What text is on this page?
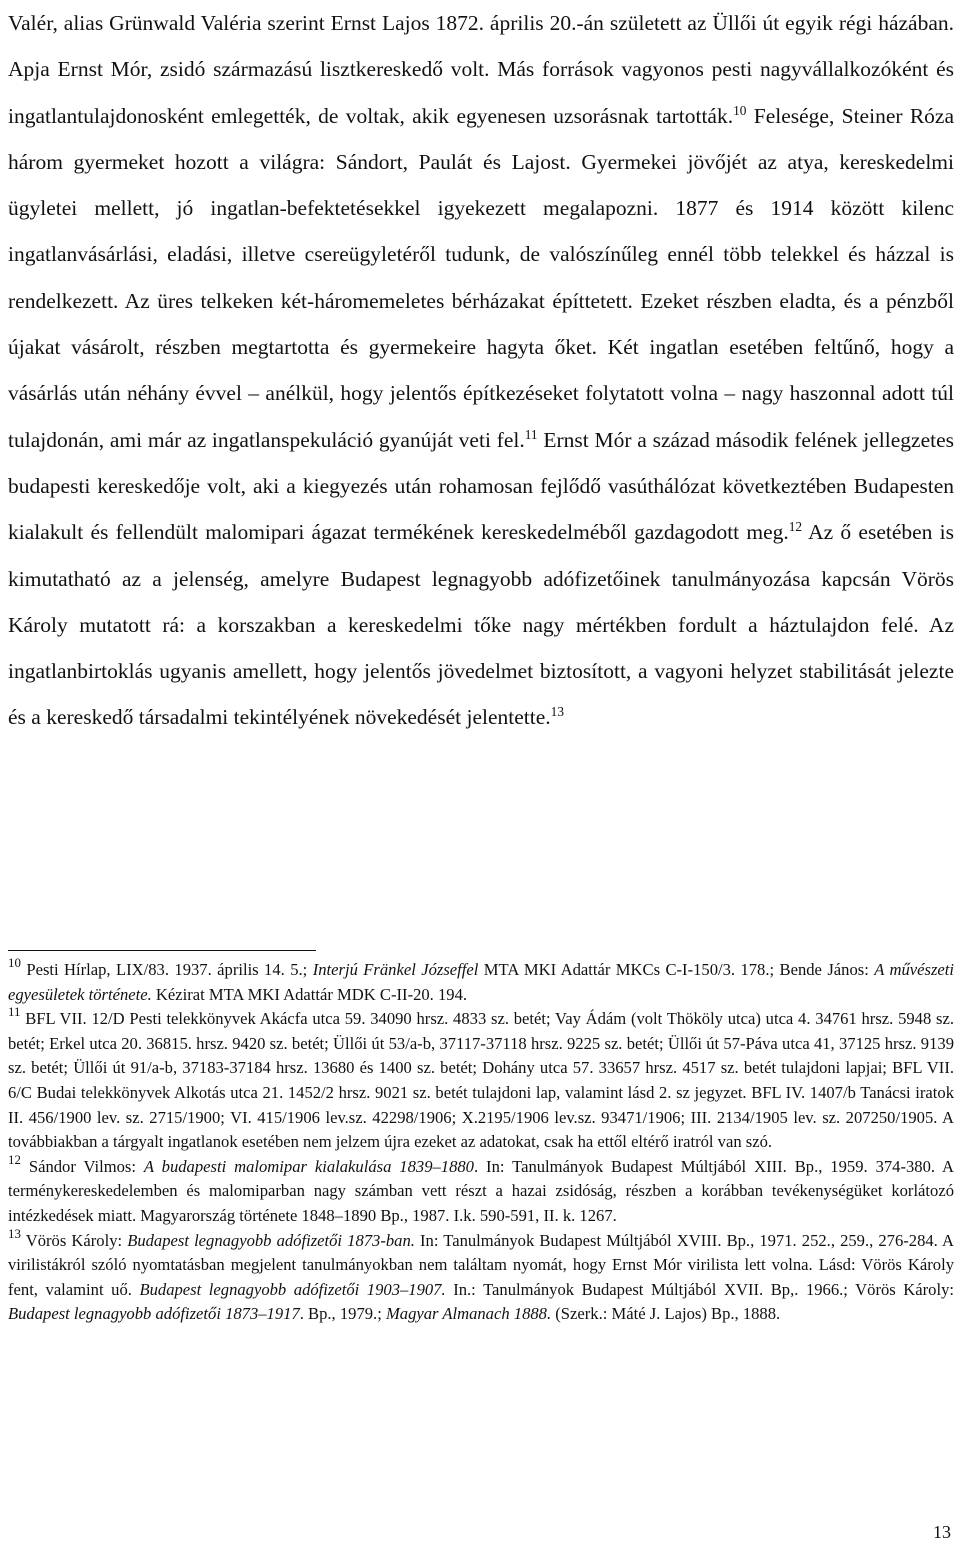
Valér, alias Grünwald Valéria szerint Ernst Lajos 1872. április 20.-án született az Üllői út egyik régi házában. Apja Ernst Mór, zsidó származású lisztkereskedő volt. Más források vagyonos pesti nagyvállalkozóként és ingatlantulajdonosként emlegették, de voltak, akik egyenesen uzsorásnak tartották.$^{10}$ Felesége, Steiner Róza három gyermeket hozott a világra: Sándort, Paulát és Lajost. Gyermekei jövőjét az atya, kereskedelmi ügyletei mellett, jó ingatlan-befektetésekkel igyekezett megalapozni. 1877 és 1914 között kilenc ingatlanvásárlási, eladási, illetve csereügyletéről tudunk, de valószínűleg ennél több telekkel és házzal is rendelkezett. Az üres telkeken két-háromemeletes bérházakat építtetett. Ezeket részben eladta, és a pénzből újakat vásárolt, részben megtartotta és gyermekeire hagyta őket. Két ingatlan esetében feltűnő, hogy a vásárlás után néhány évvel – anélkül, hogy jelentős építkezéseket folytatott volna – nagy haszonnal adott túl tulajdonán, ami már az ingatlanspekuláció gyanúját veti fel.$^{11}$ Ernst Mór a század második felének jellegzetes budapesti kereskedője volt, aki a kiegyezés után rohamosan fejlődő vasúthálózat következtében Budapesten kialakult és fellendült malomipari ágazat termékének kereskedelméből gazdagodott meg.$^{12}$ Az ő esetében is kimutatható az a jelenség, amelyre Budapest legnagyobb adófizetőinek tanulmányozása kapcsán Vörös Károly mutatott rá: a korszakban a kereskedelmi tőke nagy mértékben fordult a háztulajdon felé. Az ingatlanbirtoklás ugyanis amellett, hogy jelentős jövedelmet biztosított, a vagyoni helyzet stabilitását jelezte és a kereskedő társadalmi tekintélyének növekedését jelentette.$^{13}$

$^{10}$ Pesti Hírlap, LIX/83. 1937. április 14. 5.; Interjú Fränkel Józseffel MTA MKI Adattár MKCs C-I-150/3. 178.; Bende János: A művészeti egyesületek története. Kézirat MTA MKI Adattár MDK C-II-20. 194.

$^{11}$ BFL VII. 12/D Pesti telekkönyvek Akácfa utca 59. 34090 hrsz. 4833 sz. betét; Vay Ádám (volt Thököly utca) utca 4. 34761 hrsz. 5948 sz. betét; Erkel utca 20. 36815. hrsz. 9420 sz. betét; Üllői út 53/a-b, 37117-37118 hrsz. 9225 sz. betét; Üllői út 57-Páva utca 41, 37125 hrsz. 9139 sz. betét; Üllői út 91/a-b, 37183-37184 hrsz. 13680 és 1400 sz. betét; Dohány utca 57. 33657 hrsz. 4517 sz. betét tulajdoni lapjai; BFL VII. 6/C Budai telekkönyvek Alkotás utca 21. 1452/2 hrsz. 9021 sz. betét tulajdoni lap, valamint lásd 2. sz jegyzet. BFL IV. 1407/b Tanácsi iratok II. 456/1900 lev. sz. 2715/1900; VI. 415/1906 lev.sz. 42298/1906; X.2195/1906 lev.sz. 93471/1906; III. 2134/1905 lev. sz. 207250/1905. A továbbiakban a tárgyalt ingatlanok esetében nem jelzem újra ezeket az adatokat, csak ha ettől eltérő iratról van szó.

$^{12}$ Sándor Vilmos: A budapesti malomipar kialakulása 1839–1880. In: Tanulmányok Budapest Múltjából XIII. Bp., 1959. 374-380. A terménykereskedelemben és malomiparban nagy számban vett részt a hazai zsidóság, részben a korábban tevékenységüket korlátozó intézkedések miatt. Magyarország története 1848–1890 Bp., 1987. I.k. 590-591, II. k. 1267.

$^{13}$ Vörös Károly: Budapest legnagyobb adófizetői 1873-ban. In: Tanulmányok Budapest Múltjából XVIII. Bp., 1971. 252., 259., 276-284. A virilistákról szóló nyomtatásban megjelent tanulmányokban nem találtam nyomát, hogy Ernst Mór virilista lett volna. Lásd: Vörös Károly fent, valamint uő. Budapest legnagyobb adófizetői 1903–1907. In.: Tanulmányok Budapest Múltjából XVII. Bp,. 1966.; Vörös Károly: Budapest legnagyobb adófizetői 1873–1917. Bp., 1979.; Magyar Almanach 1888. (Szerk.: Máté J. Lajos) Bp., 1888.

13
